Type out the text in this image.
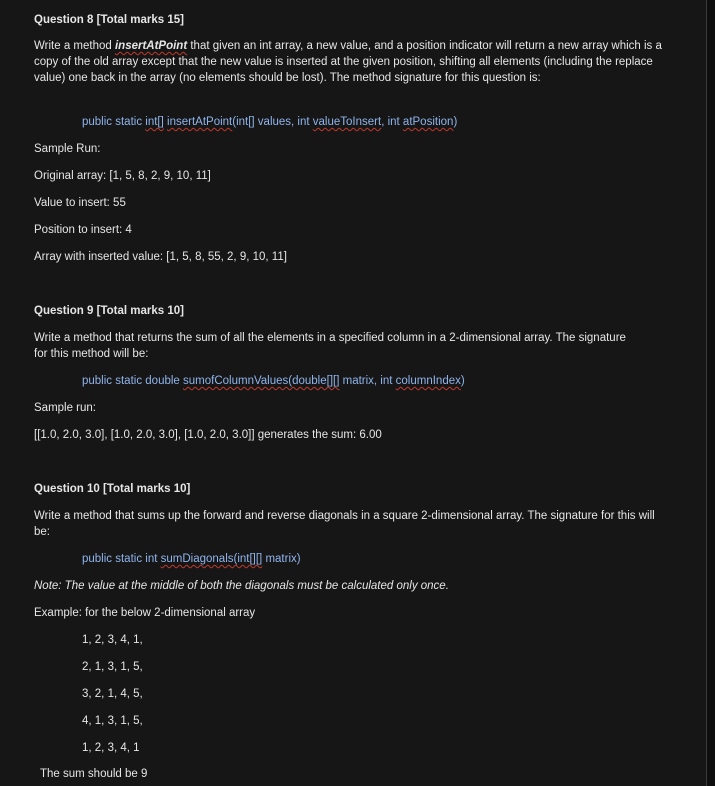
Question 8 [Total marks 15]
Write a method insertAtPoint that given an int array, a new value, and a position indicator will return a new array which is a copy of the old array except that the new value is inserted at the given position, shifting all elements (including the replace value) one back in the array (no elements should be lost). The method signature for this question is:
public static int[] insertAtPoint(int[] values, int valueToInsert, int atPosition)
Sample Run:
Original array: [1, 5, 8, 2, 9, 10, 11]
Value to insert: 55
Position to insert: 4
Array with inserted value: [1, 5, 8, 55, 2, 9, 10, 11]
Question 9 [Total marks 10]
Write a method that returns the sum of all the elements in a specified column in a 2-dimensional array. The signature for this method will be:
public static double sumofColumnValues(double[][] matrix, int columnIndex)
Sample run:
[[1.0, 2.0, 3.0], [1.0, 2.0, 3.0], [1.0, 2.0, 3.0]] generates the sum: 6.00
Question 10 [Total marks 10]
Write a method that sums up the forward and reverse diagonals in a square 2-dimensional array. The signature for this will be:
public static int sumDiagonals(int[][] matrix)
Note: The value at the middle of both the diagonals must be calculated only once.
Example: for the below 2-dimensional array
1, 2, 3, 4, 1,
2, 1, 3, 1, 5,
3, 2, 1, 4, 5,
4, 1, 3, 1, 5,
1, 2, 3, 4, 1
The sum should be 9
